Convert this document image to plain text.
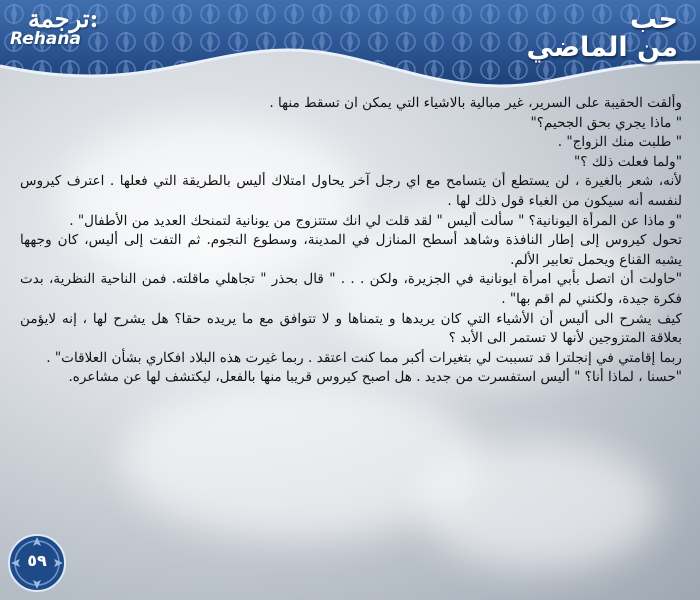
ترجمة:
Rehana
حب
من الماضي

وألقت الحقيبة على السرير، غير مبالية بالاشياء التي يمكن ان تسقط منها .

" ماذا يجري بحق الجحيم؟"

" طلبت منك الزواج" .

"ولما فعلت ذلك ؟"

لأنه، شعر بالغيرة ، لن يستطع أن يتسامح مع اي رجل آخر يحاول امتلاك أليس بالطريقة التي فعلها . اعترف كيروس لنفسه أنه سيكون من الغباء قول ذلك لها .

"و ماذا عن المرأة اليونانية؟ " سألت أليس " لقد قلت لي انك ستتزوج من يونانية لتمنحك العديد من الأطفال" .

تحول كيروس إلى إطار النافذة وشاهد أسطح المنازل في المدينة، وسطوع النجوم. ثم التفت إلى أليس، كان وجهها يشبه القناع ويحمل تعابير الألم.

"حاولت أن اتصل بأبي امرأة ايونانية في الجزيرة، ولكن . . . " قال بحذر " تجاهلي ماقلته. فمن الناحية النظرية، بدت فكرة جيدة، ولكنني لم اقم بها" .

كيف يشرح الى أليس أن الأشياء التي كان يريدها و يتمناها و لا تتوافق مع ما يريده حقا؟ هل يشرح لها ، إنه لايؤمن بعلاقة المتزوجين لأنها لا تستمر الى الأبد ؟

ربما إقامتي في إنجلترا قد تسببت لي بتغيرات أكبر مما كنت اعتقد . ربما غيرت هذه البلاد افكاري بشأن العلاقات" .

"حسنا ، لماذا أنا؟ " أليس استفسرت من جديد . هل اصبح كيروس قريبا منها بالفعل، ليكتشف لها عن مشاعره.

٥٩
